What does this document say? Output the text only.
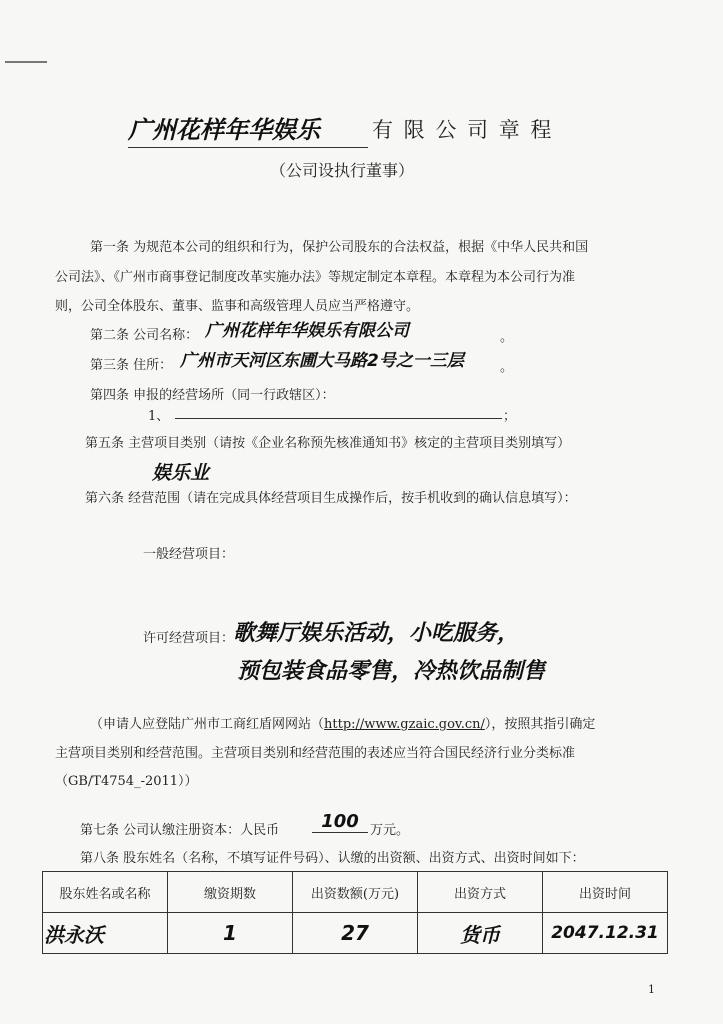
广州花样年华娱乐	有 限 公 司 章 程
（公司设执行董事）
第一条 为规范本公司的组织和行为，保护公司股东的合法权益，根据《中华人民共和国
公司法》、《广州市商事登记制度改革实施办法》等规定制定本章程。本章程为本公司行为准
则，公司全体股东、董事、监事和高级管理人员应当严格遵守。
第二条 公司名称： 广州花样年华娱乐有限公司	。
第三条 住所： 广州市天河区东圃大马路2号之一三层	。
第四条 申报的经营场所（同一行政辖区）：
1、	；
第五条 主营项目类别（请按《企业名称预先核准通知书》核定的主营项目类别填写）
娱乐业
第六条 经营范围（请在完成具体经营项目生成操作后，按手机收到的确认信息填写）：
一般经营项目：
许可经营项目：
歌舞厅娱乐活动，小吃服务，
预包装食品零售，冷热饮品制售
（申请人应登陆广州市工商红盾网网站（http://www.gzaic.gov.cn/），按照其指引确定
主营项目类别和经营范围。主营项目类别和经营范围的表述应当符合国民经济行业分类标准
（GB/T4754_-2011））
第七条 公司认缴注册资本：人民币	100 万元。
第八条 股东姓名（名称，不填写证件号码）、认缴的出资额、出资方式、出资时间如下：
股东姓名或名称	缴资期数	出资数额(万元)	出资方式	出资时间
洪永沃	1	27	货币	2047.12.31
1
